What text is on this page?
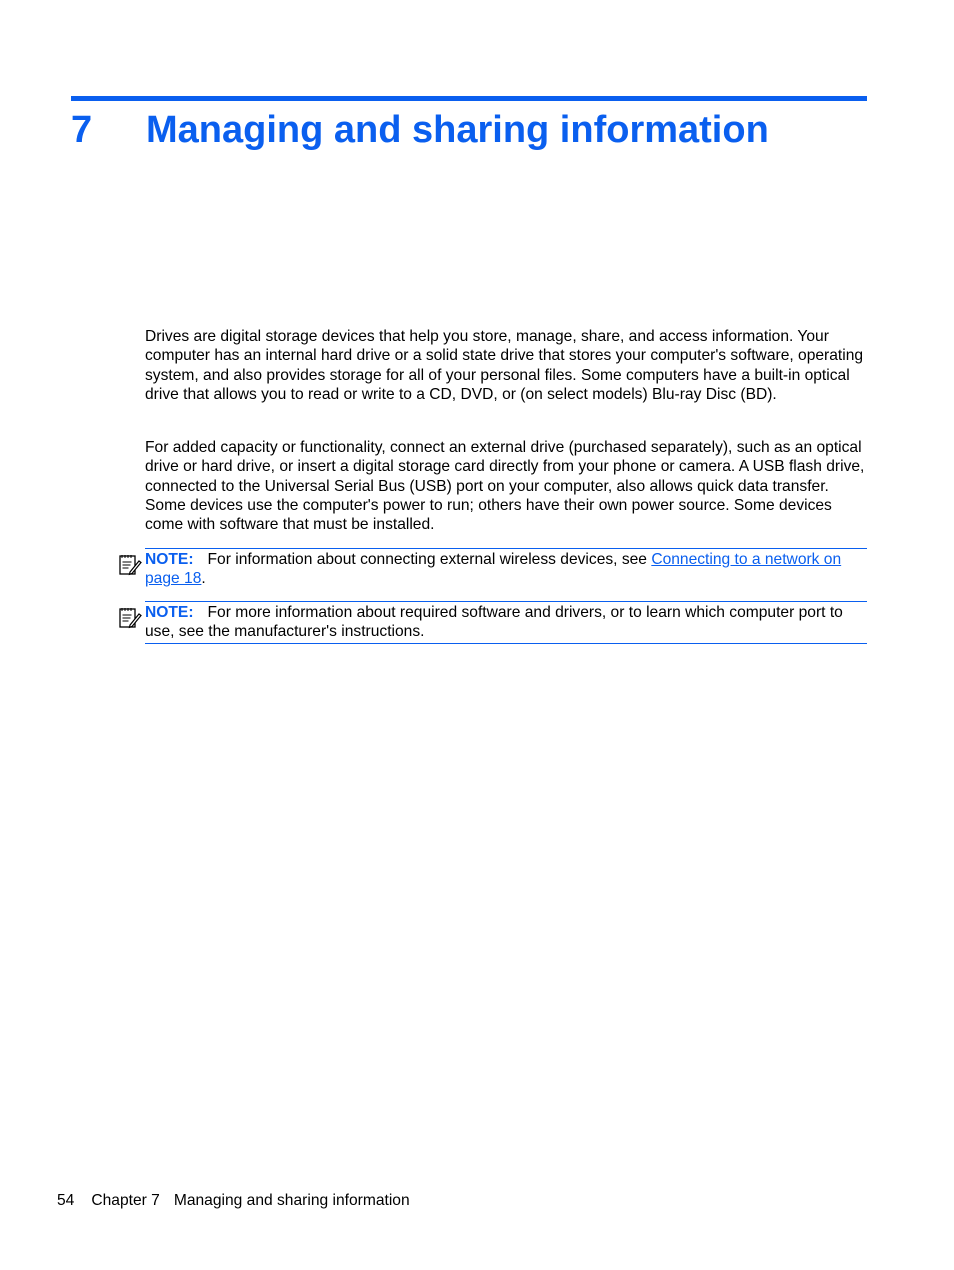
7 Managing and sharing information

Drives are digital storage devices that help you store, manage, share, and access information. Your computer has an internal hard drive or a solid state drive that stores your computer's software, operating system, and also provides storage for all of your personal files. Some computers have a built-in optical drive that allows you to read or write to a CD, DVD, or (on select models) Blu-ray Disc (BD).

For added capacity or functionality, connect an external drive (purchased separately), such as an optical drive or hard drive, or insert a digital storage card directly from your phone or camera. A USB flash drive, connected to the Universal Serial Bus (USB) port on your computer, also allows quick data transfer. Some devices use the computer's power to run; others have their own power source. Some devices come with software that must be installed.

NOTE: For information about connecting external wireless devices, see Connecting to a network on page 18.
NOTE: For more information about required software and drivers, or to learn which computer port to use, see the manufacturer's instructions.
54 Chapter 7 Managing and sharing information
